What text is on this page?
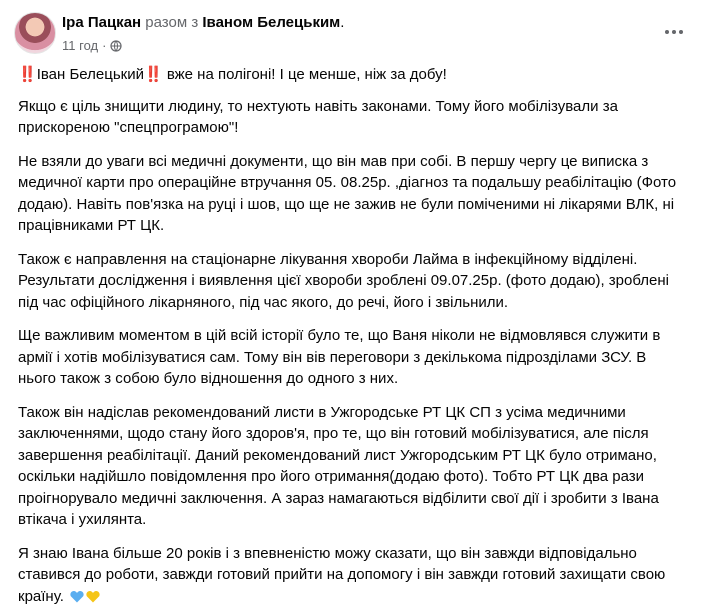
Іра Пацкан разом з Іваном Белецьким.
11 год ·

‼️ Іван Белецький‼️ вже на полігоні! І це менше, ніж за добу!

Якщо є ціль знищити людину, то нехтують навіть законами. Тому його мобілізували за прискореною "спецпрограмою"!

Не взяли до уваги всі медичні документи, що він мав при собі. В першу чергу це виписка з медичної карти про операційне втручання 05. 08.25р. ,діагноз та подальшу реабілітацію (Фото додаю). Навіть пов'язка на руці і шов, що ще не зажив не були поміченими ні лікарями ВЛК, ні працівниками РТ ЦК.

Також є направлення на стаціонарне лікування хвороби Лайма в інфекційному відділені. Результати дослідження і виявлення цієї хвороби зроблені 09.07.25р. (фото додаю), зроблені під час офіційного лікарняного, під час якого, до речі, його і звільнили.

Ще важливим моментом в цій всій історії було те, що Ваня ніколи не відмовлявся служити в армії і хотів мобілізуватися сам. Тому він вів переговори з декількома підрозділами ЗСУ. В нього також з собою було відношення до одного з них.

Також він надіслав рекомендований листи в Ужгородське РТ ЦК СП з усіма медичними заключеннями, щодо стану його здоров'я, про те, що він готовий мобілізуватися, але після завершення реабілітації. Даний рекомендований лист Ужгородським РТ ЦК було отримано, оскільки надійшло повідомлення про його отримання(додаю фото). Тобто РТ ЦК два рази проігнорувало медичні заключення. А зараз намагаються відбілити свої дії і зробити з Івана втікача і ухилянта.

Я знаю Івана більше 20 років і з впевненістю можу сказати, що він завжди відповідально ставився до роботи, завжди готовий прийти на допомогу і він завжди готовий захищати свою країну.
